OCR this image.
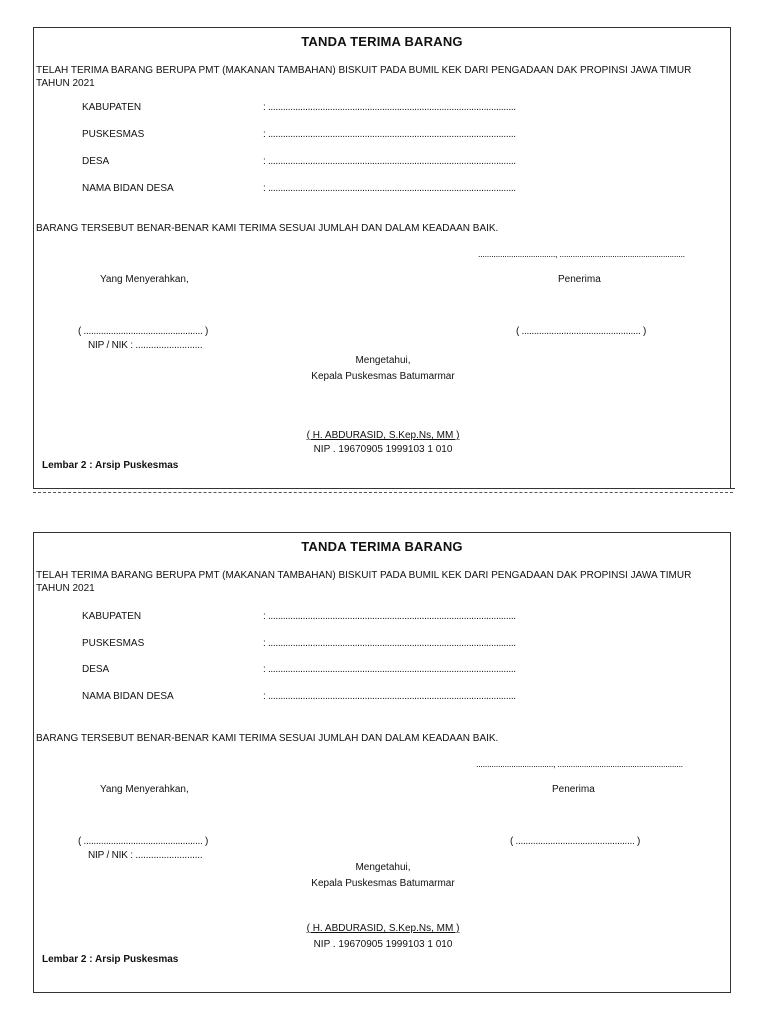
TANDA TERIMA BARANG
TELAH TERIMA BARANG BERUPA PMT (MAKANAN TAMBAHAN) BISKUIT PADA BUMIL KEK DARI PENGADAAN DAK PROPINSI JAWA TIMUR TAHUN 2021
KABUPATEN	: ....................................................................................................
PUSKESMAS	: ....................................................................................................
DESA	: ....................................................................................................
NAMA BIDAN DESA	: ....................................................................................................
BARANG TERSEBUT BENAR-BENAR KAMI TERIMA SESUAI JUMLAH DAN DALAM KEADAAN BAIK.
..................................., .........................................................
Yang Menyerahkan,	Penerima
( ................................................ )
NIP / NIK : ..........................
( ................................................ )
Mengetahui,
Kepala Puskesmas Batumarmar
( H. ABDURASID, S.Kep.Ns, MM )
NIP . 19670905 1999103 1 010
Lembar 2 : Arsip Puskesmas
TANDA TERIMA BARANG
TELAH TERIMA BARANG BERUPA PMT (MAKANAN TAMBAHAN) BISKUIT PADA BUMIL KEK DARI PENGADAAN DAK PROPINSI JAWA TIMUR TAHUN 2021
KABUPATEN	: ....................................................................................................
PUSKESMAS	: ....................................................................................................
DESA	: ....................................................................................................
NAMA BIDAN DESA	: ....................................................................................................
BARANG TERSEBUT BENAR-BENAR KAMI TERIMA SESUAI JUMLAH DAN DALAM KEADAAN BAIK.
..................................., .........................................................
Yang Menyerahkan,	Penerima
( ................................................ )
NIP / NIK : ..........................
( ................................................ )
Mengetahui,
Kepala Puskesmas Batumarmar
( H. ABDURASID, S.Kep.Ns, MM )
NIP . 19670905 1999103 1 010
Lembar 2 : Arsip Puskesmas
